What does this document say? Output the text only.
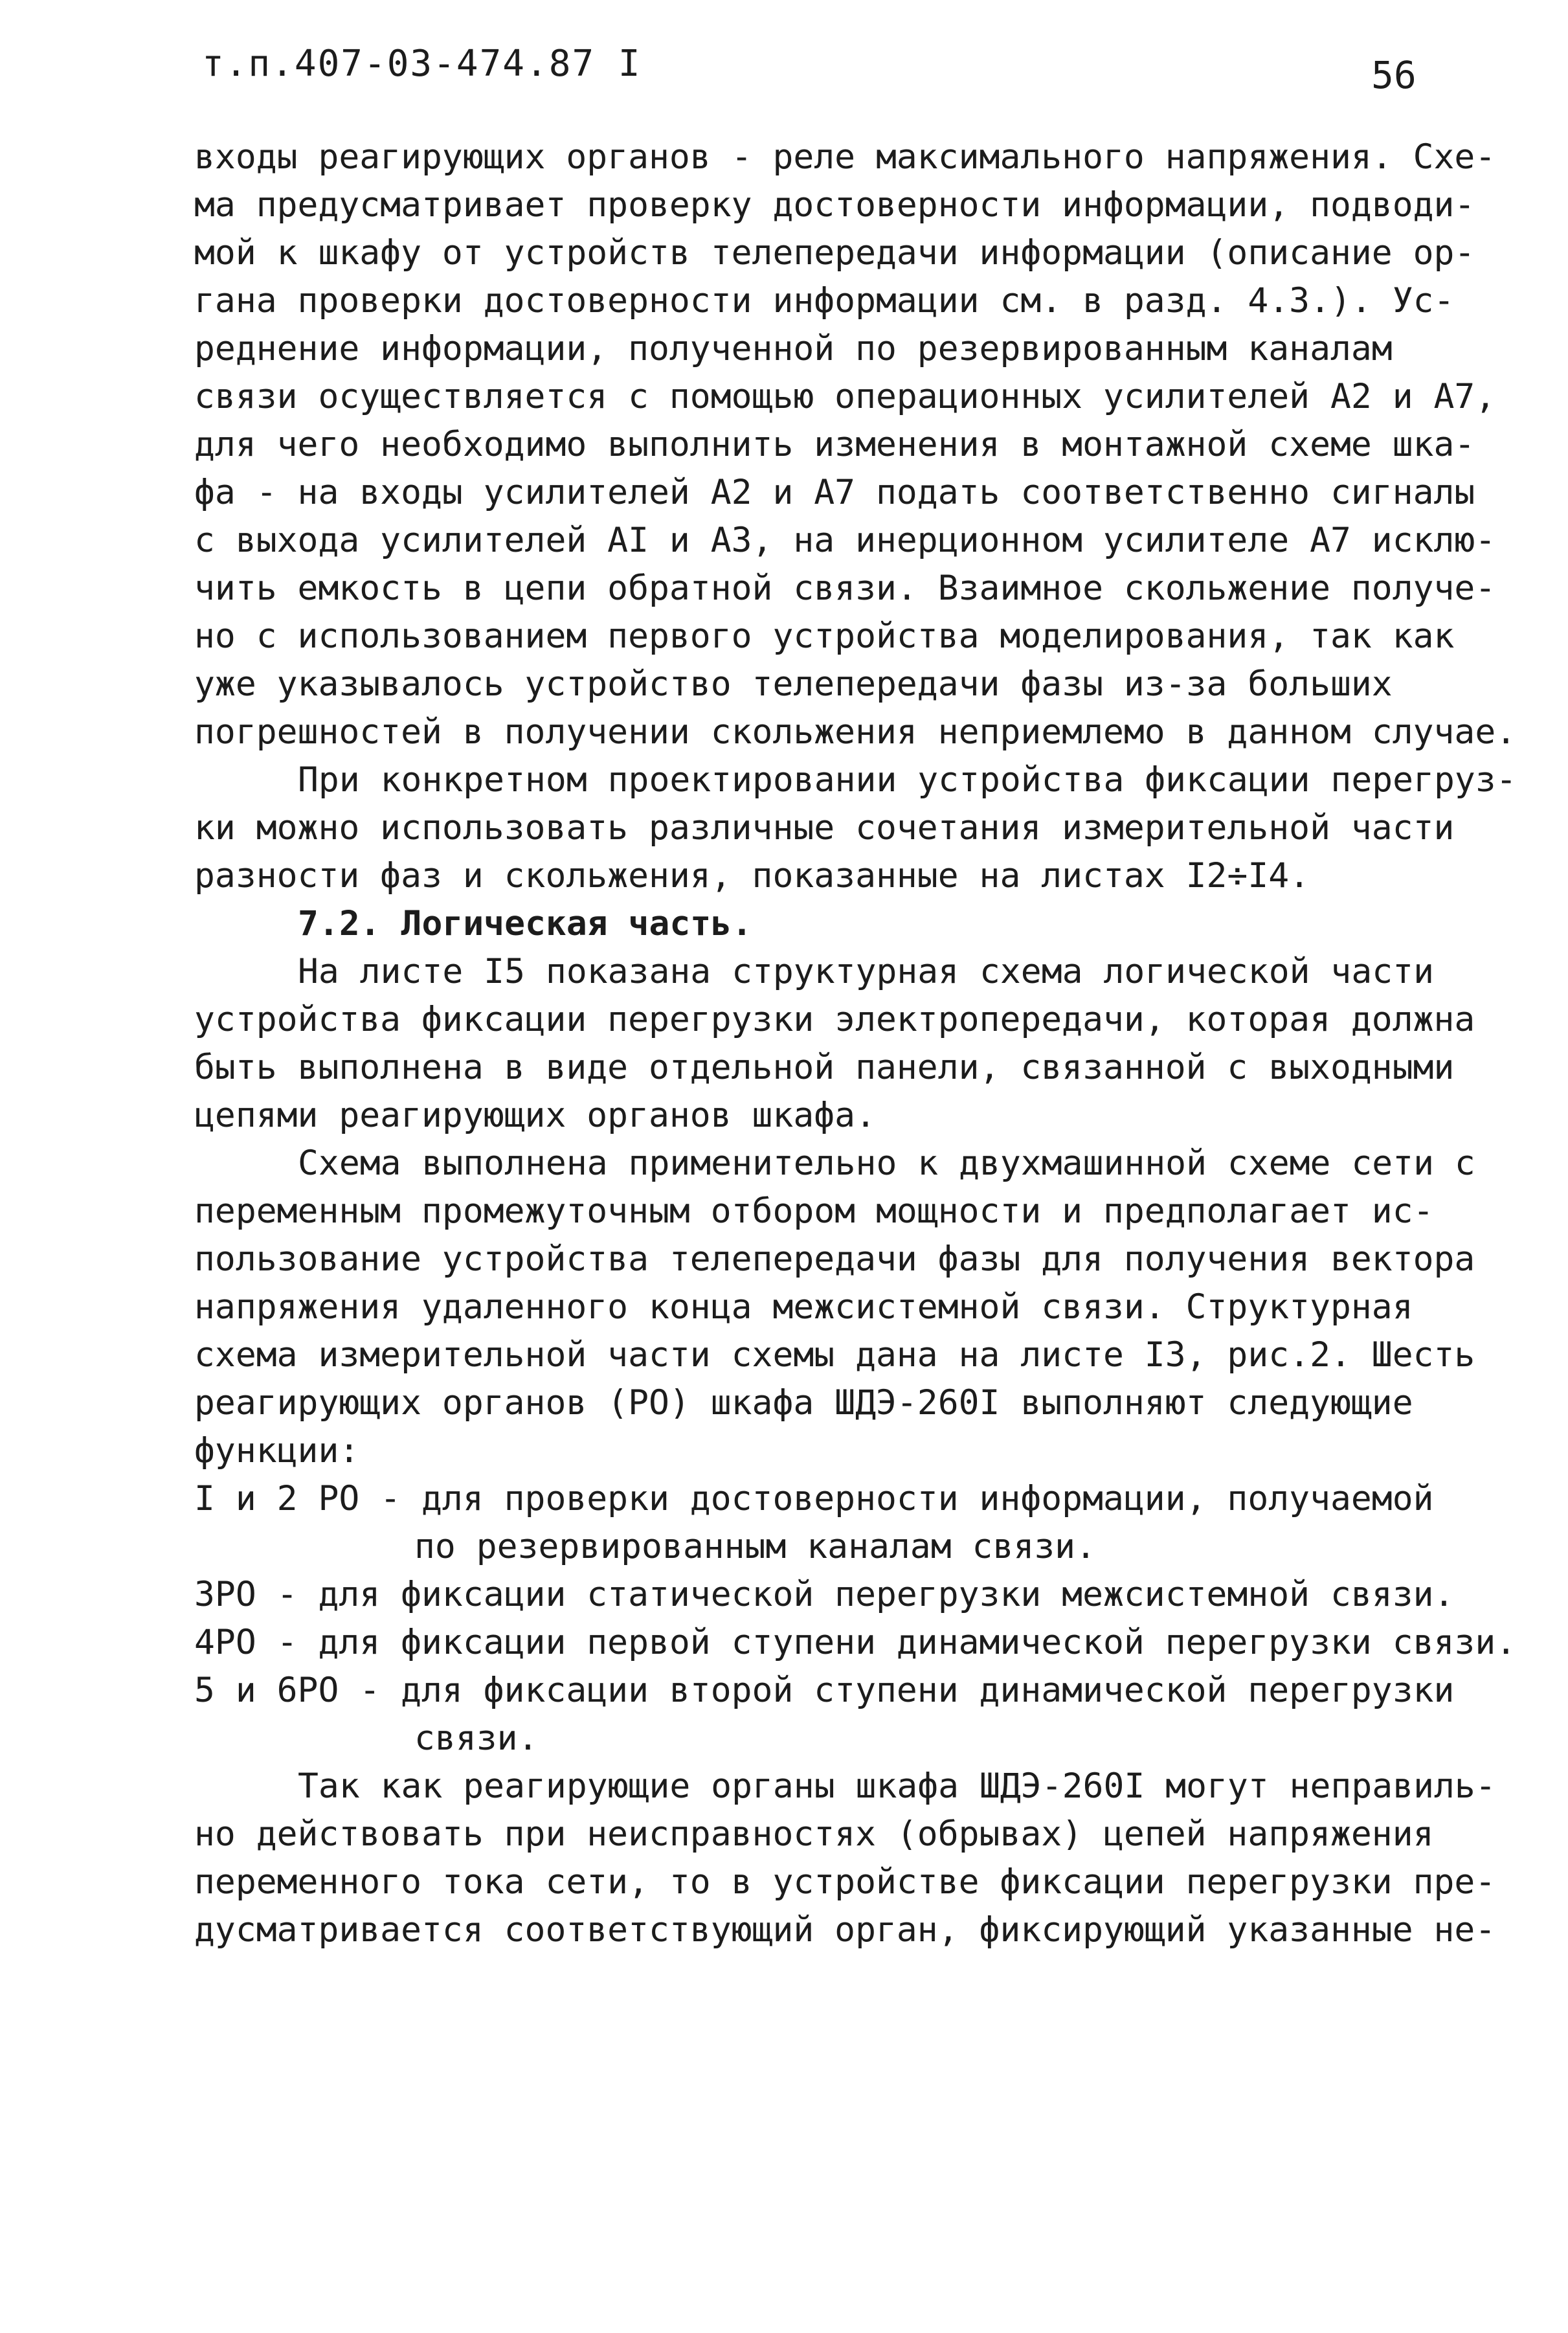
т.п.407-03-474.87 I	56
входы реагирующих органов - реле максимального напряжения. Схе-
ма предусматривает проверку достоверности информации, подводи-
мой к шкафу от устройств телепередачи информации (описание ор-
гана проверки достоверности информации см. в разд. 4.3.). Ус-
реднение информации, полученной по резервированным каналам
связи осуществляется с помощью операционных усилителей А2 и А7,
для чего необходимо выполнить изменения в монтажной схеме шка-
фа - на входы усилителей А2 и А7 подать соответственно сигналы
с выхода усилителей АI и А3, на инерционном усилителе А7 исклю-
чить емкость в цепи обратной связи. Взаимное скольжение получе-
но с использованием первого устройства моделирования, так как
уже указывалось устройство телепередачи фазы из-за больших
погрешностей в получении скольжения неприемлемо в данном случае.
При конкретном проектировании устройства фиксации перегруз-
ки можно использовать различные сочетания измерительной части
разности фаз и скольжения, показанные на листах I2÷I4.
7.2. Логическая часть.
На листе I5 показана структурная схема логической части
устройства фиксации перегрузки электропередачи, которая должна
быть выполнена в виде отдельной панели, связанной с выходными
цепями реагирующих органов шкафа.
Схема выполнена применительно к двухмашинной схеме сети с
переменным промежуточным отбором мощности и предполагает ис-
пользование устройства телепередачи фазы для получения вектора
напряжения удаленного конца межсистемной связи. Структурная
схема измерительной части схемы дана на листе I3, рис.2. Шесть
реагирующих органов (РО) шкафа ШДЭ-260I выполняют следующие
функции:
I и 2 РО - для проверки достоверности информации, получаемой
по резервированным каналам связи.
3РО - для фиксации статической перегрузки межсистемной связи.
4РО - для фиксации первой ступени динамической перегрузки связи.
5 и 6РО - для фиксации второй ступени динамической перегрузки
связи.
Так как реагирующие органы шкафа ШДЭ-260I могут неправиль-
но действовать при неисправностях (обрывах) цепей напряжения
переменного тока сети, то в устройстве фиксации перегрузки пре-
дусматривается соответствующий орган, фиксирующий указанные не-
